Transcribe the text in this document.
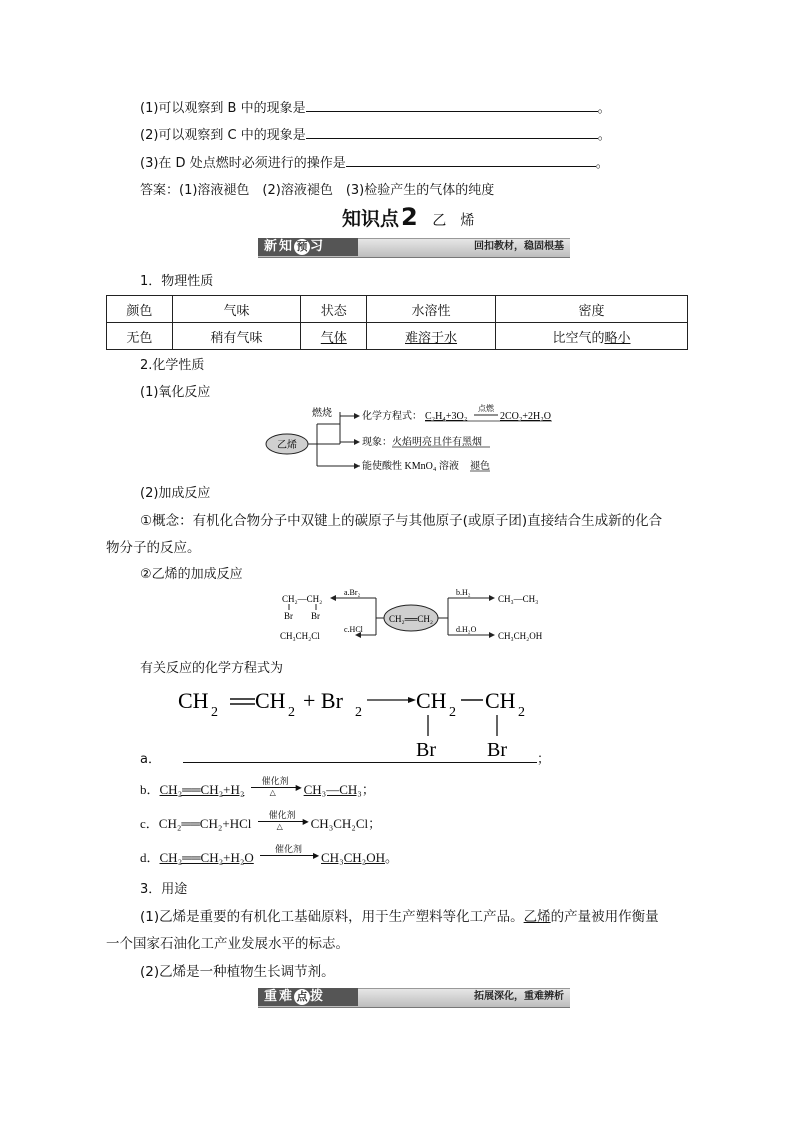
(1)可以观察到 B 中的现象是	。
(2)可以观察到 C 中的现象是	。
(3)在 D 处点燃时必须进行的操作是	。
答案：(1)溶液褪色　(2)溶液褪色　(3)检验产生的气体的纯度
知识点2 乙　烯
新知 预 习	回扣教材，稳固根基
1．物理性质
颜色	气味	状态	水溶性	密度
无色	稍有气味	气体	难溶于水	比空气的略小
2.化学性质
(1)氧化反应
乙烯
燃烧	化学方程式： C₂H₄+3O₂
点燃
2CO₂+2H₂O
现象： 火焰明亮且伴有黑烟
能使酸性 KMnO₄ 溶液 褪色
(2)加成反应
①概念：有机化合物分子中双键上的碳原子与其他原子(或原子团)直接结合生成新的化合
物分子的反应。
②乙烯的加成反应
CH₂══CH₂
a.Br₂
c.HCl
CH₂—CH₂
Br Br
CH₃CH₂Cl
b.H₂
d.H₂O
CH₃—CH₃
CH₃CH₂OH
有关反应的化学方程式为
CH 2 CH 2 + Br 2 CH 2 CH 2
Br	Br
a．	；
b．CH₂══CH₂+H₂
催化剂
▶
△ CH₃—CH₃；
c．CH₂══CH₂+HCl
催化剂
▶
△ CH₃CH₂Cl；
d．CH₂══CH₂+H₂O
催化剂
▶ CH₃CH₂OH。
3．用途
(1)乙烯是重要的有机化工基础原料，用于生产塑料等化工产品。乙烯的产量被用作衡量
一个国家石油化工产业发展水平的标志。
(2)乙烯是一种植物生长调节剂。
重难 点 拨	拓展深化，重难辨析
